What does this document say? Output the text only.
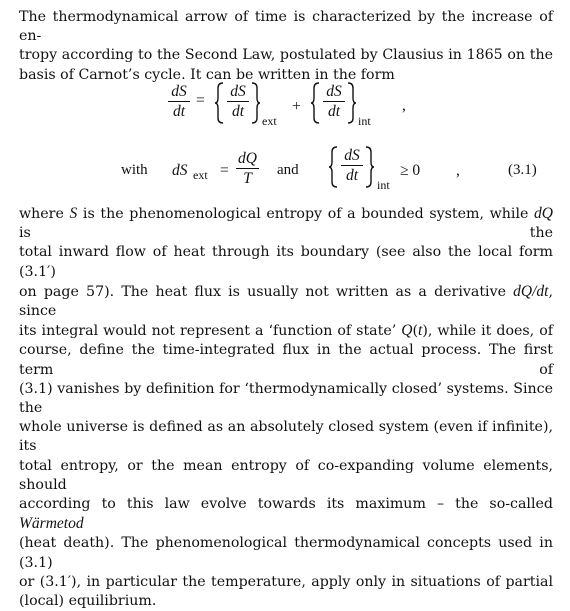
The thermodynamical arrow of time is characterized by the increase of en-
tropy according to the Second Law, postulated by Clausius in 1865 on the
basis of Carnot’s cycle. It can be written in the form
dS
dt
=
dS
dt
ext
+
dS
dt
int
,
with dS ext =
dQ
T	and
dS
dt
int
≥ 0 ,	(3.1)
where S is the phenomenological entropy of a bounded system, while dQ is the
total inward flow of heat through its boundary (see also the local form (3.1′)
on page 57). The heat flux is usually not written as a derivative dQ/dt, since
its integral would not represent a ‘function of state’ Q(t), while it does, of
course, define the time-integrated flux in the actual process. The first term of
(3.1) vanishes by definition for ‘thermodynamically closed’ systems. Since the
whole universe is defined as an absolutely closed system (even if infinite), its
total entropy, or the mean entropy of co-expanding volume elements, should
according to this law evolve towards its maximum – the so-called Wärmetod
(heat death). The phenomenological thermodynamical concepts used in (3.1)
or (3.1′), in particular the temperature, apply only in situations of partial
(local) equilibrium.
